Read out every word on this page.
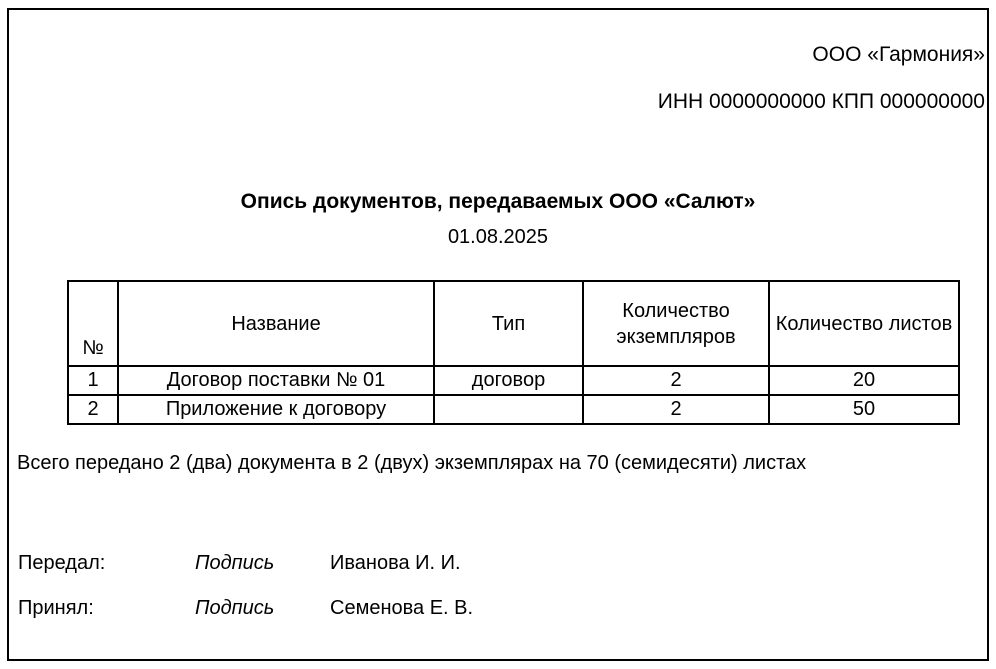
ООО «Гармония»
ИНН 0000000000 КПП 000000000
Опись документов, передаваемых ООО «Салют»
01.08.2025
№	Название	Тип	Количество экземпляров	Количество листов
1	Договор поставки № 01	договор	2	20
2	Приложение к договору		2	50
Всего передано 2 (два) документа в 2 (двух) экземплярах на 70 (семидесяти) листах
Передал:	Подпись	Иванова И. И.
Принял:	Подпись	Семенова Е. В.
